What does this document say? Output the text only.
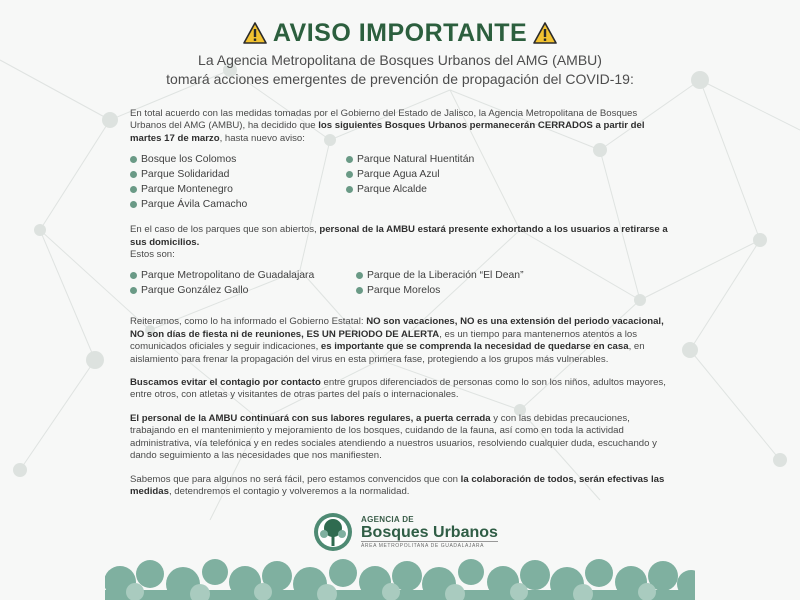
AVISO IMPORTANTE

La Agencia Metropolitana de Bosques Urbanos del AMG (AMBU)

tomará acciones emergentes de prevención de propagación del COVID-19:

En total acuerdo con las medidas tomadas por el Gobierno del Estado de Jalisco, la Agencia Metropolitana de Bosques Urbanos del AMG (AMBU), ha decidido que los siguientes Bosques Urbanos permanecerán CERRADOS a partir del martes 17 de marzo, hasta nuevo aviso:

Bosque los Colomos
Parque Solidaridad
Parque Montenegro
Parque Ávila Camacho
Parque Natural Huentitán
Parque Agua Azul
Parque Alcalde

En el caso de los parques que son abiertos, personal de la AMBU estará presente exhortando a los usuarios a retirarse a sus domicilios.
Estos son:

Parque Metropolitano de Guadalajara
Parque González Gallo
Parque de la Liberación “El Dean”
Parque Morelos

Reiteramos, como lo ha informado el Gobierno Estatal: NO son vacaciones, NO es una extensión del periodo vacacional, NO son días de fiesta ni de reuniones, ES UN PERIODO DE ALERTA, es un tiempo para mantenernos atentos a los comunicados oficiales y seguir indicaciones, es importante que se comprenda la necesidad de quedarse en casa, en aislamiento para frenar la propagación del virus en esta primera fase, protegiendo a los grupos más vulnerables.

Buscamos evitar el contagio por contacto entre grupos diferenciados de personas como lo son los niños, adultos mayores, entre otros, con atletas y visitantes de otras partes del país o internacionales.

El personal de la AMBU continuará con sus labores regulares, a puerta cerrada y con las debidas precauciones, trabajando en el mantenimiento y mejoramiento de los bosques, cuidando de la fauna, así como en toda la actividad administrativa, vía telefónica y en redes sociales atendiendo a nuestros usuarios, resolviendo cualquier duda, escuchando y dando seguimiento a las necesidades que nos manifiesten.

Sabemos que para algunos no será fácil, pero estamos convencidos que con la colaboración de todos, serán efectivas las medidas, detendremos el contagio y volveremos a la normalidad.

AGENCIA DE
Bosques Urbanos
ÁREA METROPOLITANA DE GUADALAJARA
